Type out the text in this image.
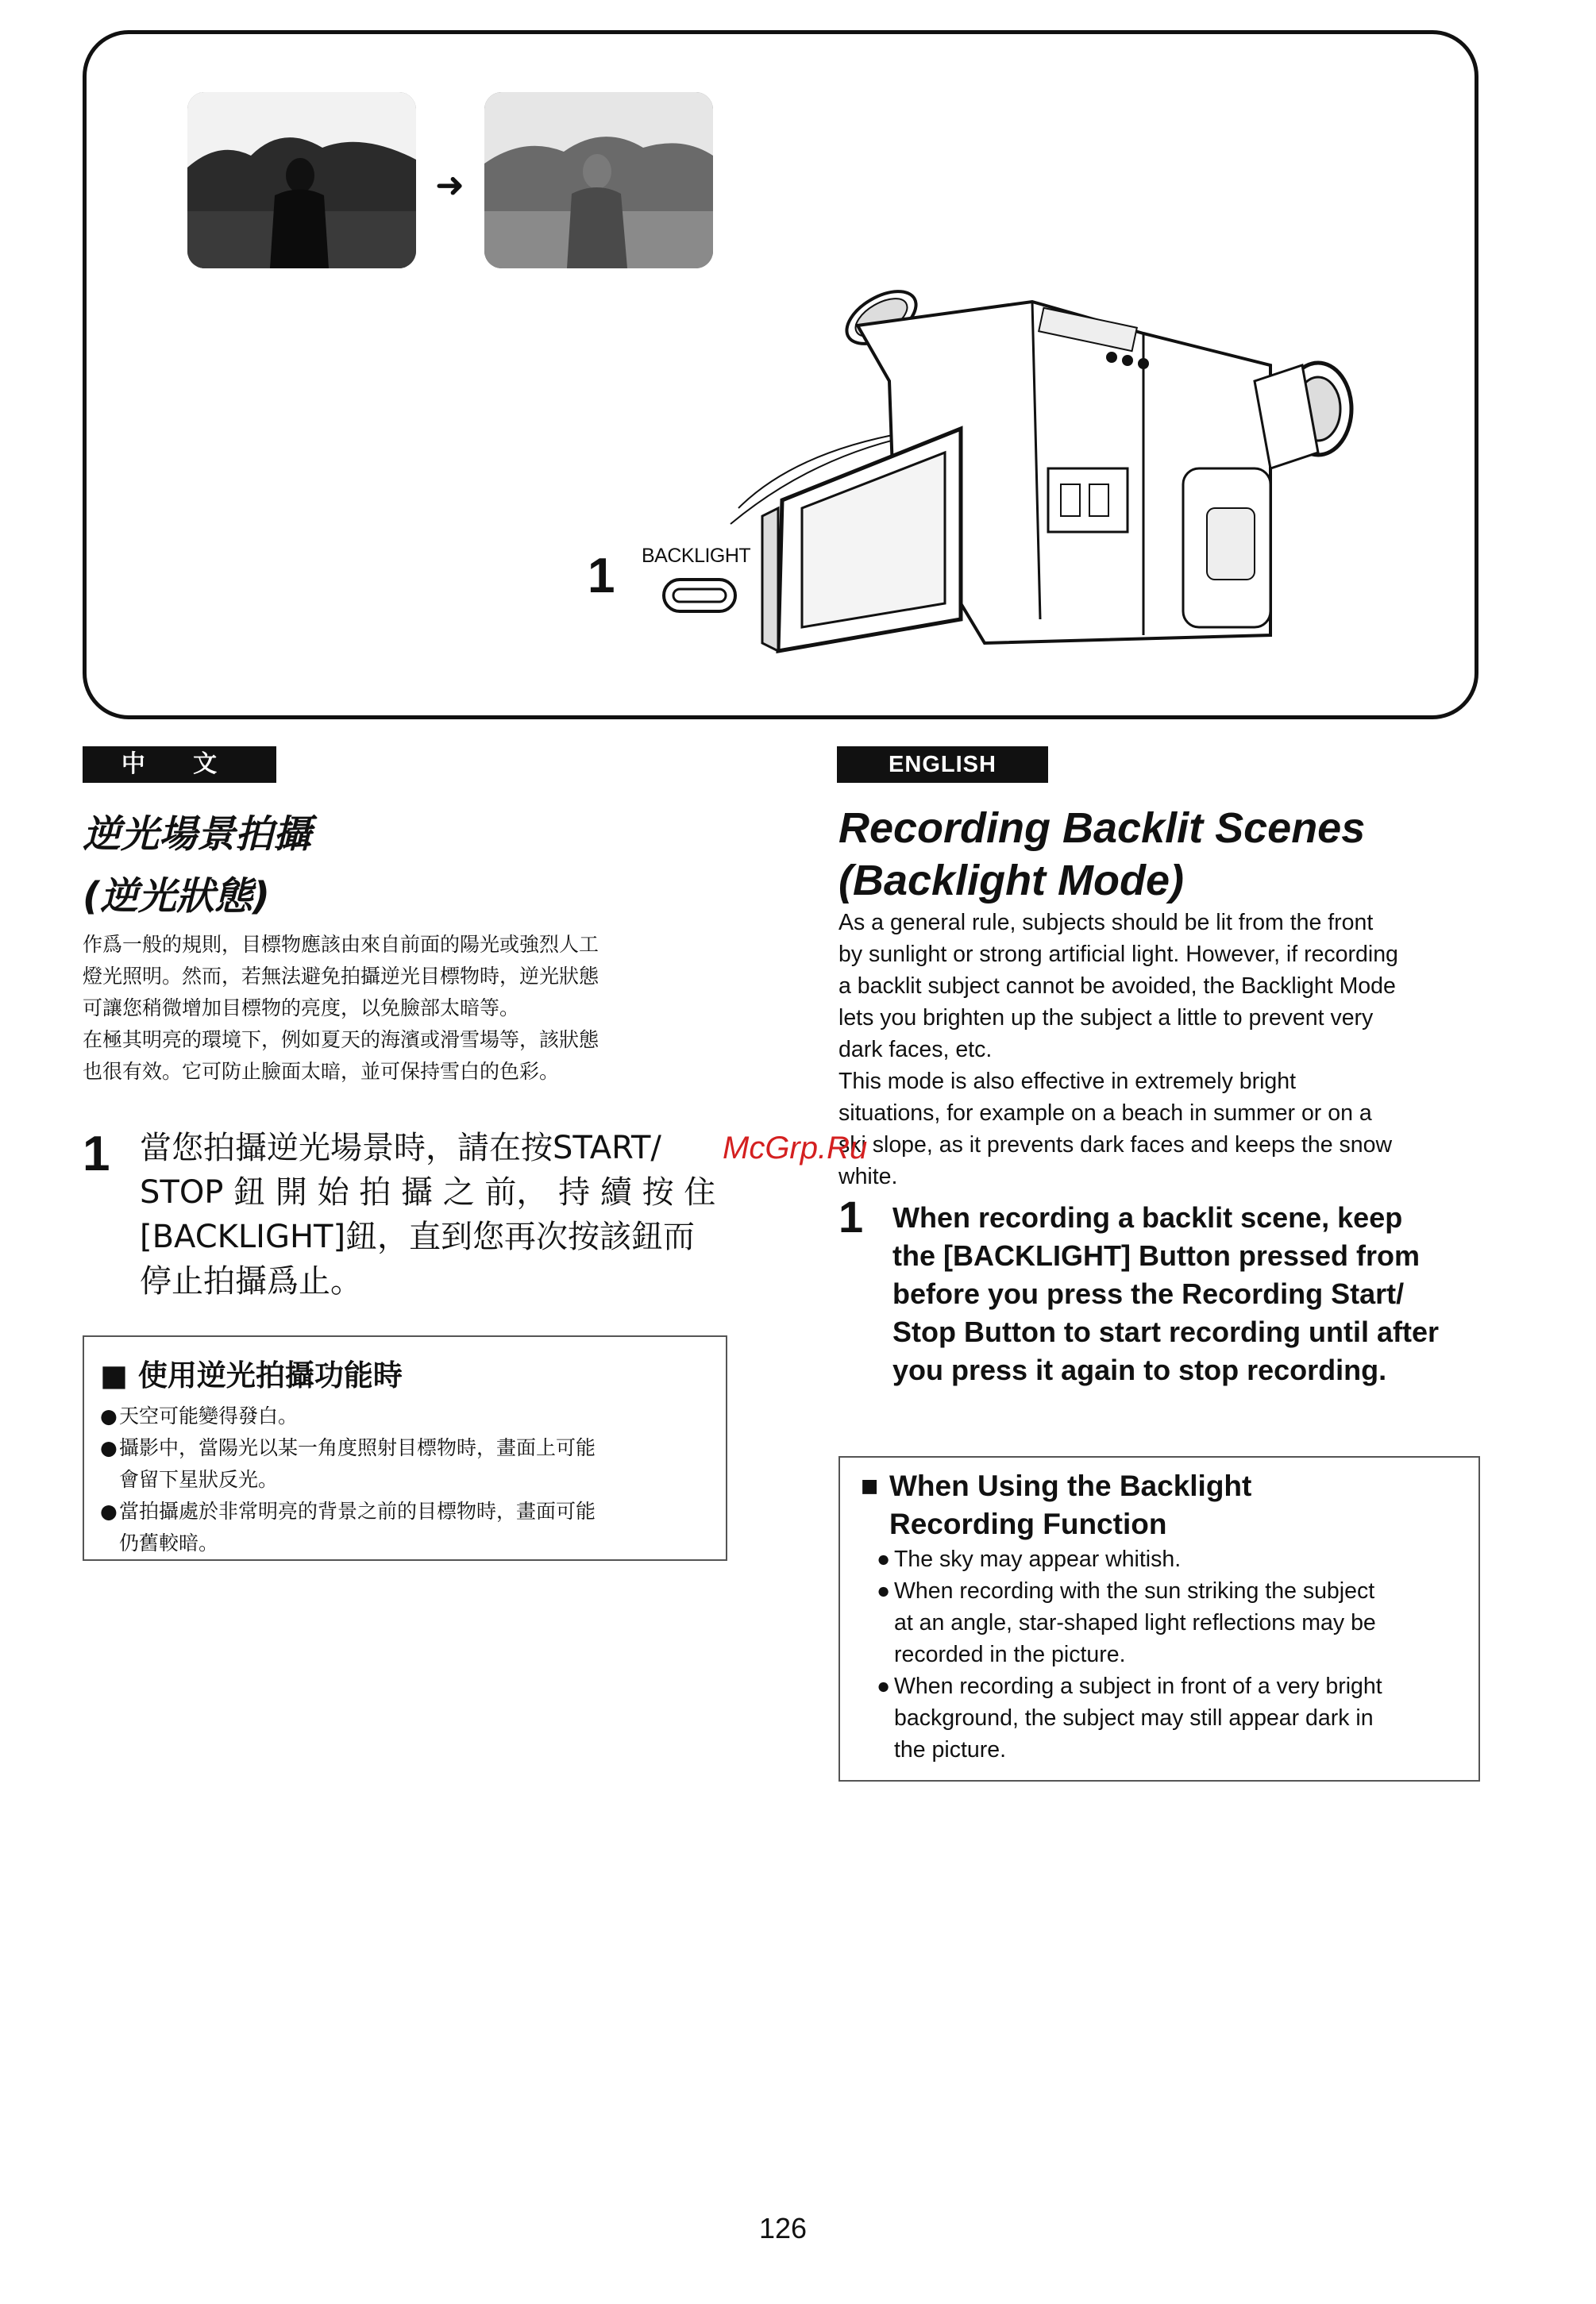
➜
1 BACKLIGHT
中 文	ENGLISH
逆光場景拍攝
(逆光狀態)
作爲一般的規則，目標物應該由來自前面的陽光或強烈人工
燈光照明。然而，若無法避免拍攝逆光目標物時，逆光狀態
可讓您稍微增加目標物的亮度，以免臉部太暗等。
在極其明亮的環境下，例如夏天的海濱或滑雪場等，該狀態
也很有效。它可防止臉面太暗，並可保持雪白的色彩。
1 當您拍攝逆光場景時，請在按START/
STOP 鈕 開 始 拍 攝 之 前， 持 續 按 住
[BACKLIGHT]鈕，直到您再次按該鈕而
停止拍攝爲止。
■ 使用逆光拍攝功能時
● 天空可能變得發白。
● 攝影中，當陽光以某一角度照射目標物時，畫面上可能
會留下星狀反光。
● 當拍攝處於非常明亮的背景之前的目標物時，畫面可能
仍舊較暗。
Recording Backlit Scenes
(Backlight Mode)
As a general rule, subjects should be lit from the front
by sunlight or strong artificial light. However, if recording
a backlit subject cannot be avoided, the Backlight Mode
lets you brighten up the subject a little to prevent very
dark faces, etc.
This mode is also effective in extremely bright
situations, for example on a beach in summer or on a
ski slope, as it prevents dark faces and keeps the snow
white.
1 When recording a backlit scene, keep
the [BACKLIGHT] Button pressed from
before you press the Recording Start/
Stop Button to start recording until after
you press it again to stop recording.
■ When Using the Backlight
Recording Function
● The sky may appear whitish.
● When recording with the sun striking the subject
at an angle, star-shaped light reflections may be
recorded in the picture.
● When recording a subject in front of a very bright
background, the subject may still appear dark in
the picture.
McGrp.Ru
126
